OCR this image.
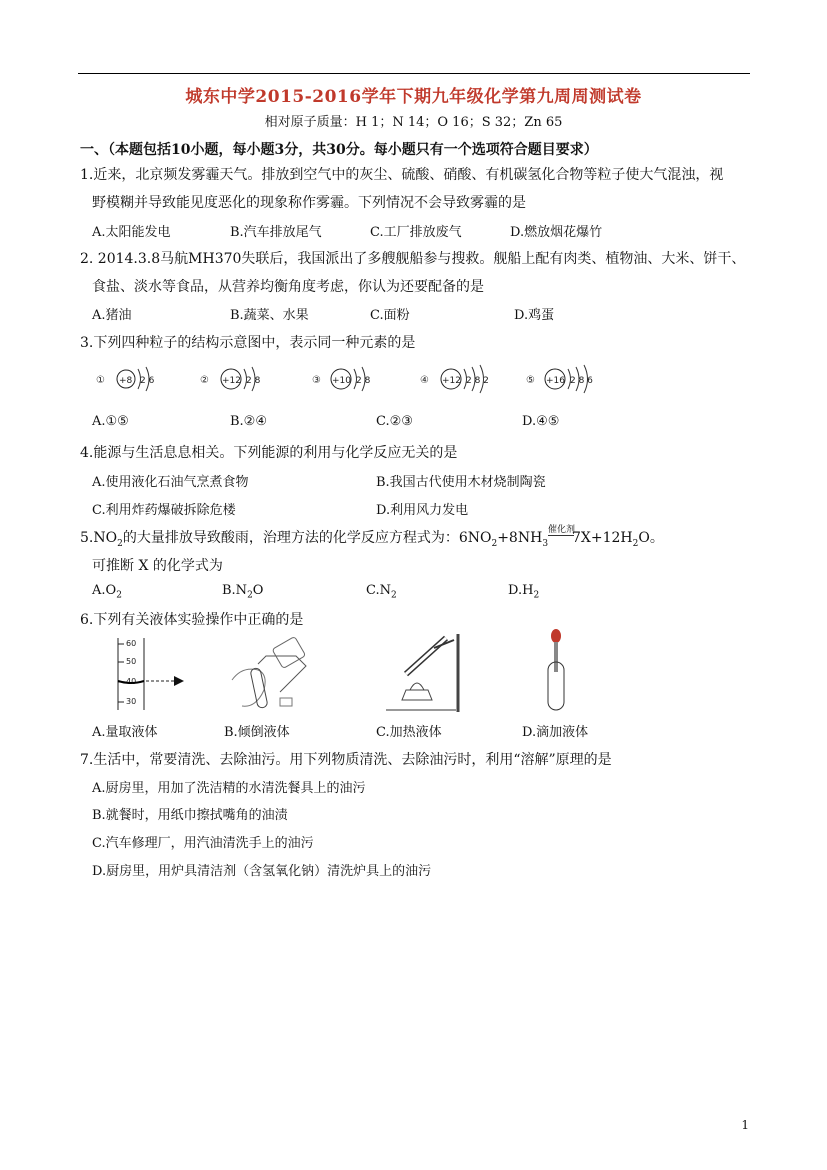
城东中学2015-2016学年下期九年级化学第九周周测试卷
相对原子质量：H 1；N 14；O 16；S 32；Zn 65
一、（本题包括10小题，每小题3分，共30分。每小题只有一个选项符合题目要求）
1.近来，北京频发雾霾天气。排放到空气中的灰尘、硫酸、硝酸、有机碳氢化合物等粒子使大气混浊，视
野模糊并导致能见度恶化的现象称作雾霾。下列情况不会导致雾霾的是
A.太阳能发电	B.汽车排放尾气	C.工厂排放废气	D.燃放烟花爆竹
2. 2014.3.8马航MH370失联后，我国派出了多艘舰船参与搜救。舰船上配有肉类、植物油、大米、饼干、
食盐、淡水等食品，从营养均衡角度考虑，你认为还要配备的是
A.猪油	B.蔬菜、水果	C.面粉	D.鸡蛋
3.下列四种粒子的结构示意图中，表示同一种元素的是
① +8 2 6	② +12 2 8	③ +10 2 8	④ +12 2 8 2	⑤ +16 2 8 6
A.①⑤	B.②④	C.②③	D.④⑤
4.能源与生活息息相关。下列能源的利用与化学反应无关的是
A.使用液化石油气烹煮食物	B.我国古代使用木材烧制陶瓷
C.利用炸药爆破拆除危楼	D.利用风力发电
$5.NO_2$的大量排放导致酸雨，治理方法的化学反应方程式为：$6NO_2+8NH_3$
催化剂
$7X+12H_2O$。
可推断 X 的化学式为
$A.O_2$	$B.N_2O$	$C.N_2$	$D.H_2$
6.下列有关液体实验操作中正确的是
60
50
40
30
A.量取液体	B.倾倒液体	C.加热液体	D.滴加液体
7.生活中，常要清洗、去除油污。用下列物质清洗、去除油污时，利用“溶解”原理的是
A.厨房里，用加了洗洁精的水清洗餐具上的油污
B.就餐时，用纸巾擦拭嘴角的油渍
C.汽车修理厂，用汽油清洗手上的油污
D.厨房里，用炉具清洁剂（含氢氧化钠）清洗炉具上的油污
1
